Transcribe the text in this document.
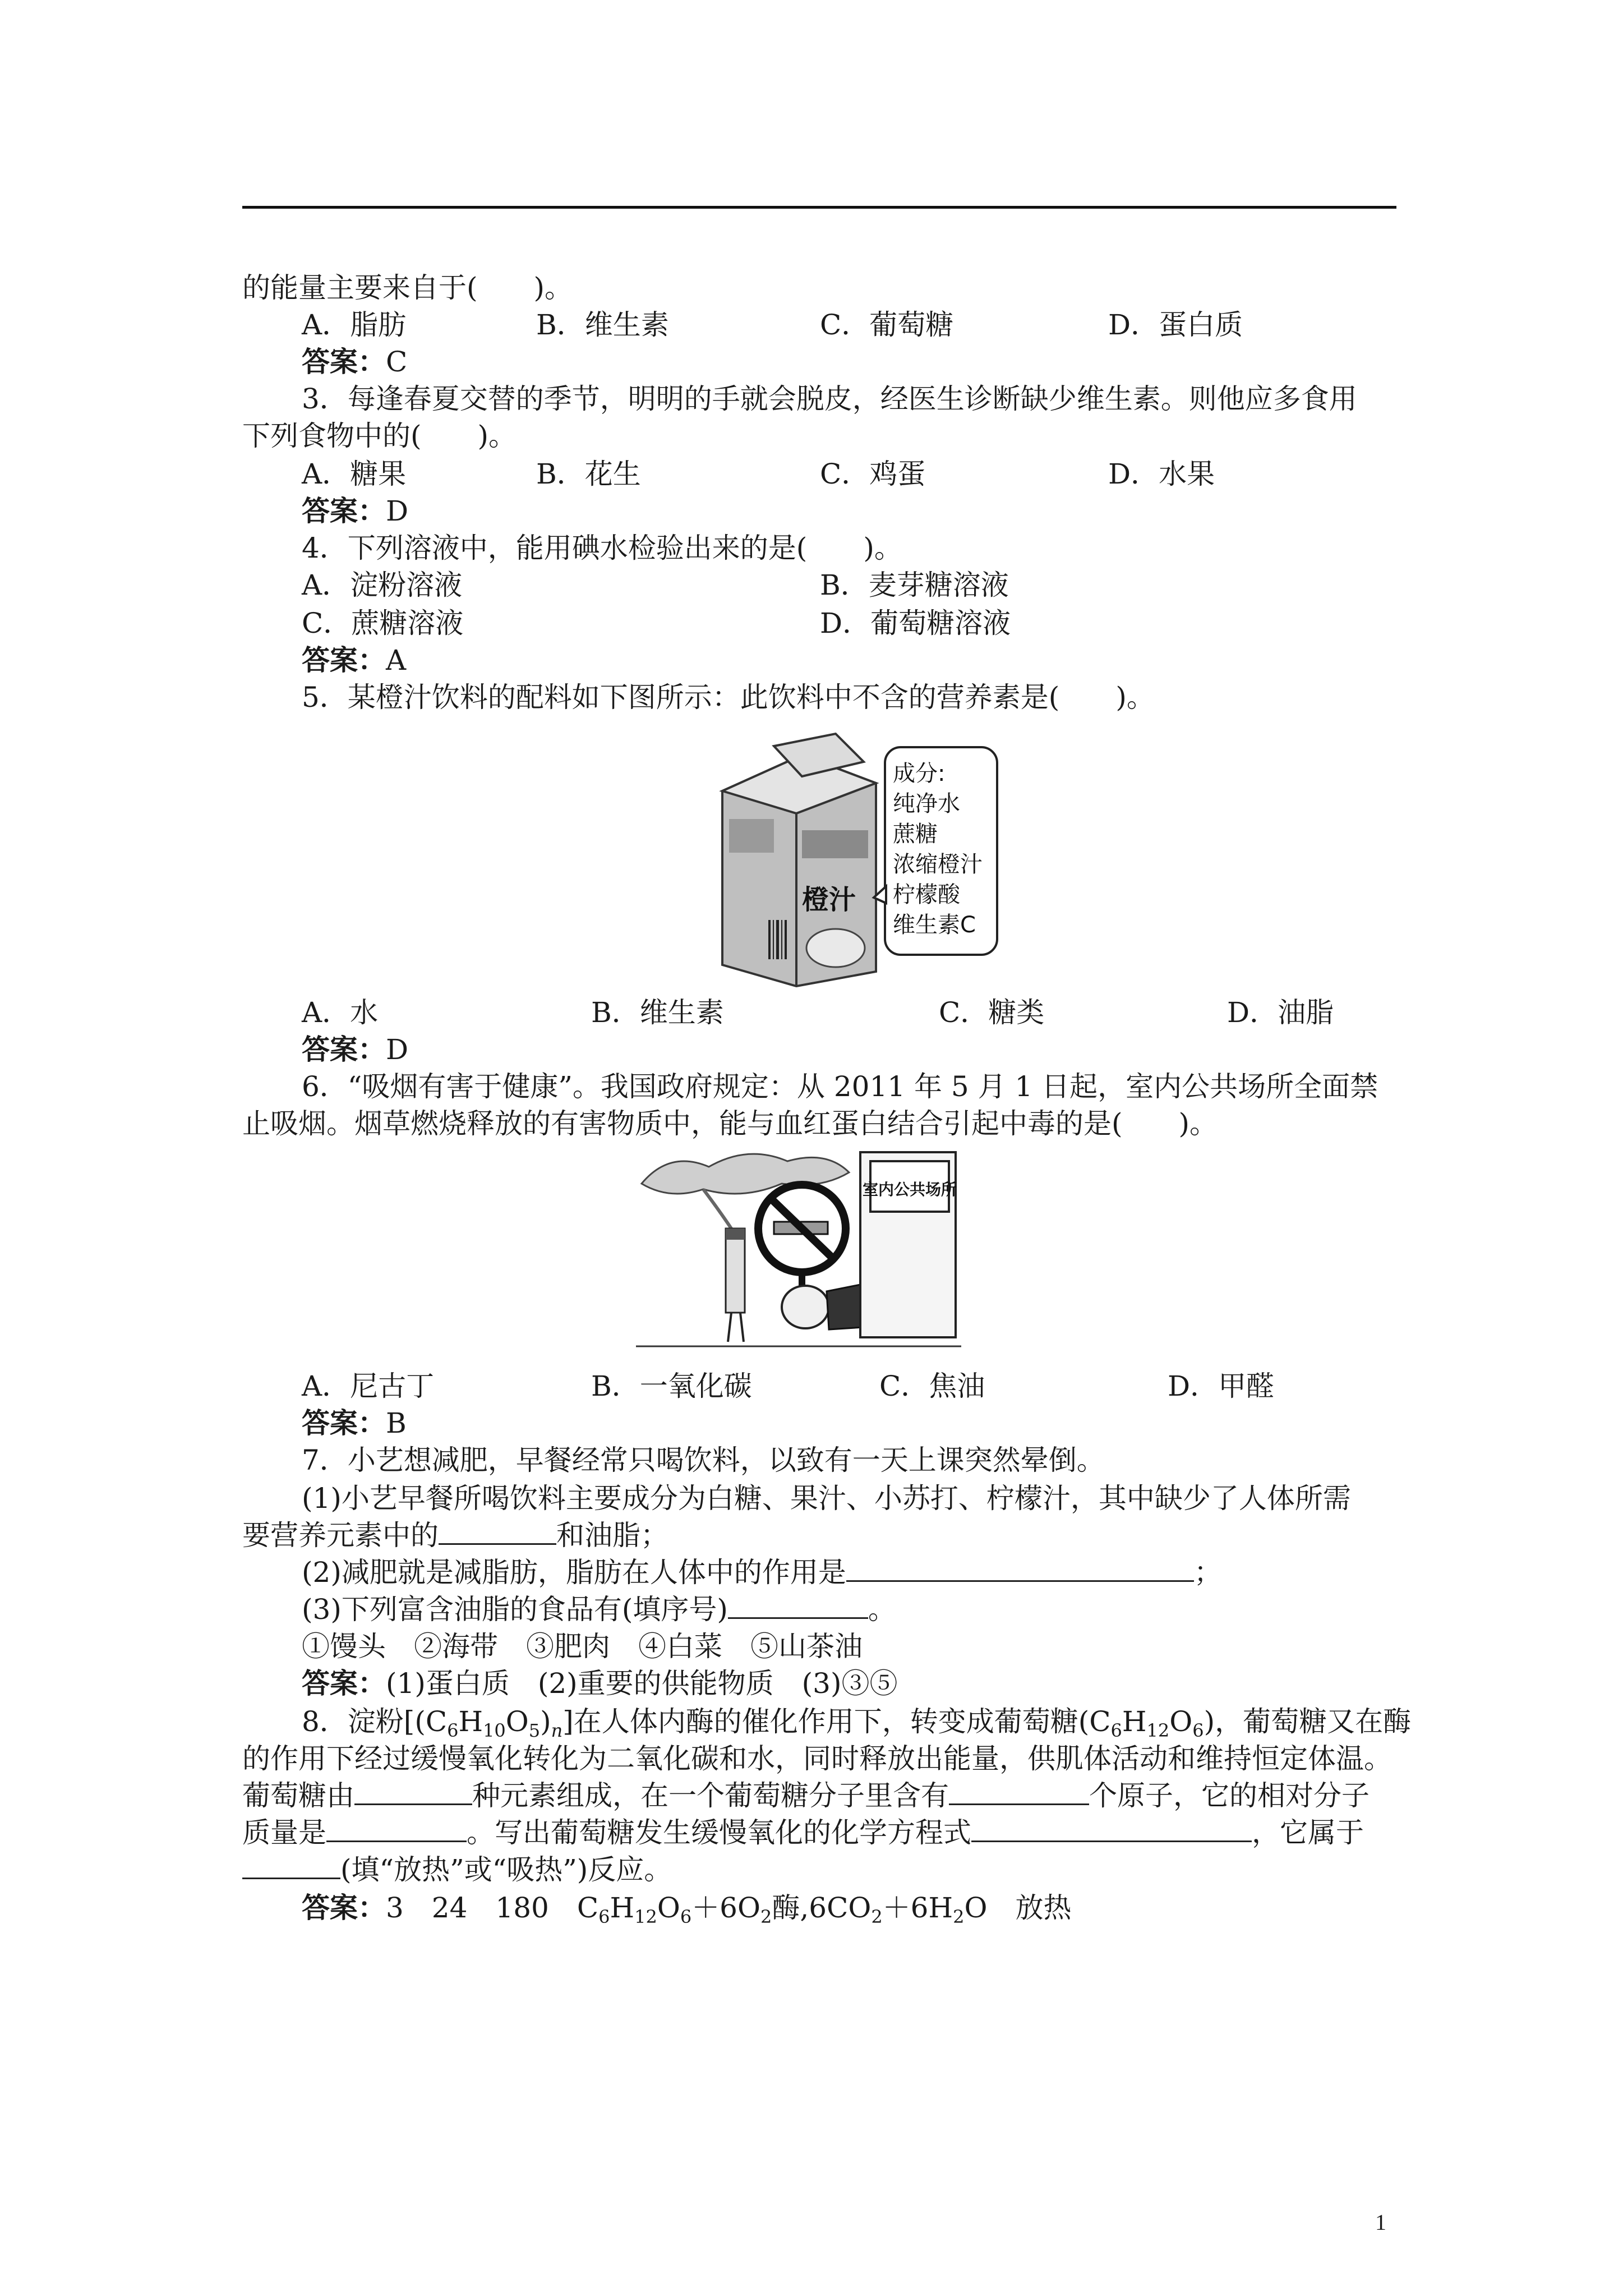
的能量主要来自于(　　)。
A．脂肪	B．维生素	C．葡萄糖	D．蛋白质
答案：C
3．每逢春夏交替的季节，明明的手就会脱皮，经医生诊断缺少维生素。则他应多食用
下列食物中的(　　)。
A．糖果	B．花生	C．鸡蛋	D．水果
答案：D
4．下列溶液中，能用碘水检验出来的是(　　)。
A．淀粉溶液	B．麦芽糖溶液
C．蔗糖溶液	D．葡萄糖溶液
答案：A
5．某橙汁饮料的配料如下图所示：此饮料中不含的营养素是(　　)。
橙汁
成分:
纯净水
蔗糖
浓缩橙汁
柠檬酸
维生素C
A．水	B．维生素	C．糖类	D．油脂
答案：D
6．“吸烟有害于健康”。我国政府规定：从 2011 年 5 月 1 日起，室内公共场所全面禁
止吸烟。烟草燃烧释放的有害物质中，能与血红蛋白结合引起中毒的是(　　)。
室内公共场所
A．尼古丁	B．一氧化碳	C．焦油	D．甲醛
答案：B
7．小艺想减肥，早餐经常只喝饮料，以致有一天上课突然晕倒。
(1)小艺早餐所喝饮料主要成分为白糖、果汁、小苏打、柠檬汁，其中缺少了人体所需
要营养元素中的	和油脂；
(2)减肥就是减脂肪，脂肪在人体中的作用是	；
(3)下列富含油脂的食品有(填序号)	。
①馒头　②海带　③肥肉　④白菜　⑤山茶油
答案：(1)蛋白质　(2)重要的供能物质　(3)③⑤
8．淀粉$[(C_6H_{10}O_5)_n]$在人体内酶的催化作用下，转变成葡萄糖$(C_6H_{12}O_6)$，葡萄糖又在酶
的作用下经过缓慢氧化转化为二氧化碳和水，同时释放出能量，供肌体活动和维持恒定体温。
葡萄糖由	种元素组成，在一个葡萄糖分子里含有	个原子，它的相对分子
质量是	。写出葡萄糖发生缓慢氧化的化学方程式	，它属于
(填“放热”或“吸热”)反应。
答案：3　24　180　$C_6H_{12}O_6+6O_2$酶$,6CO_2+6H_2O$　放热
1
